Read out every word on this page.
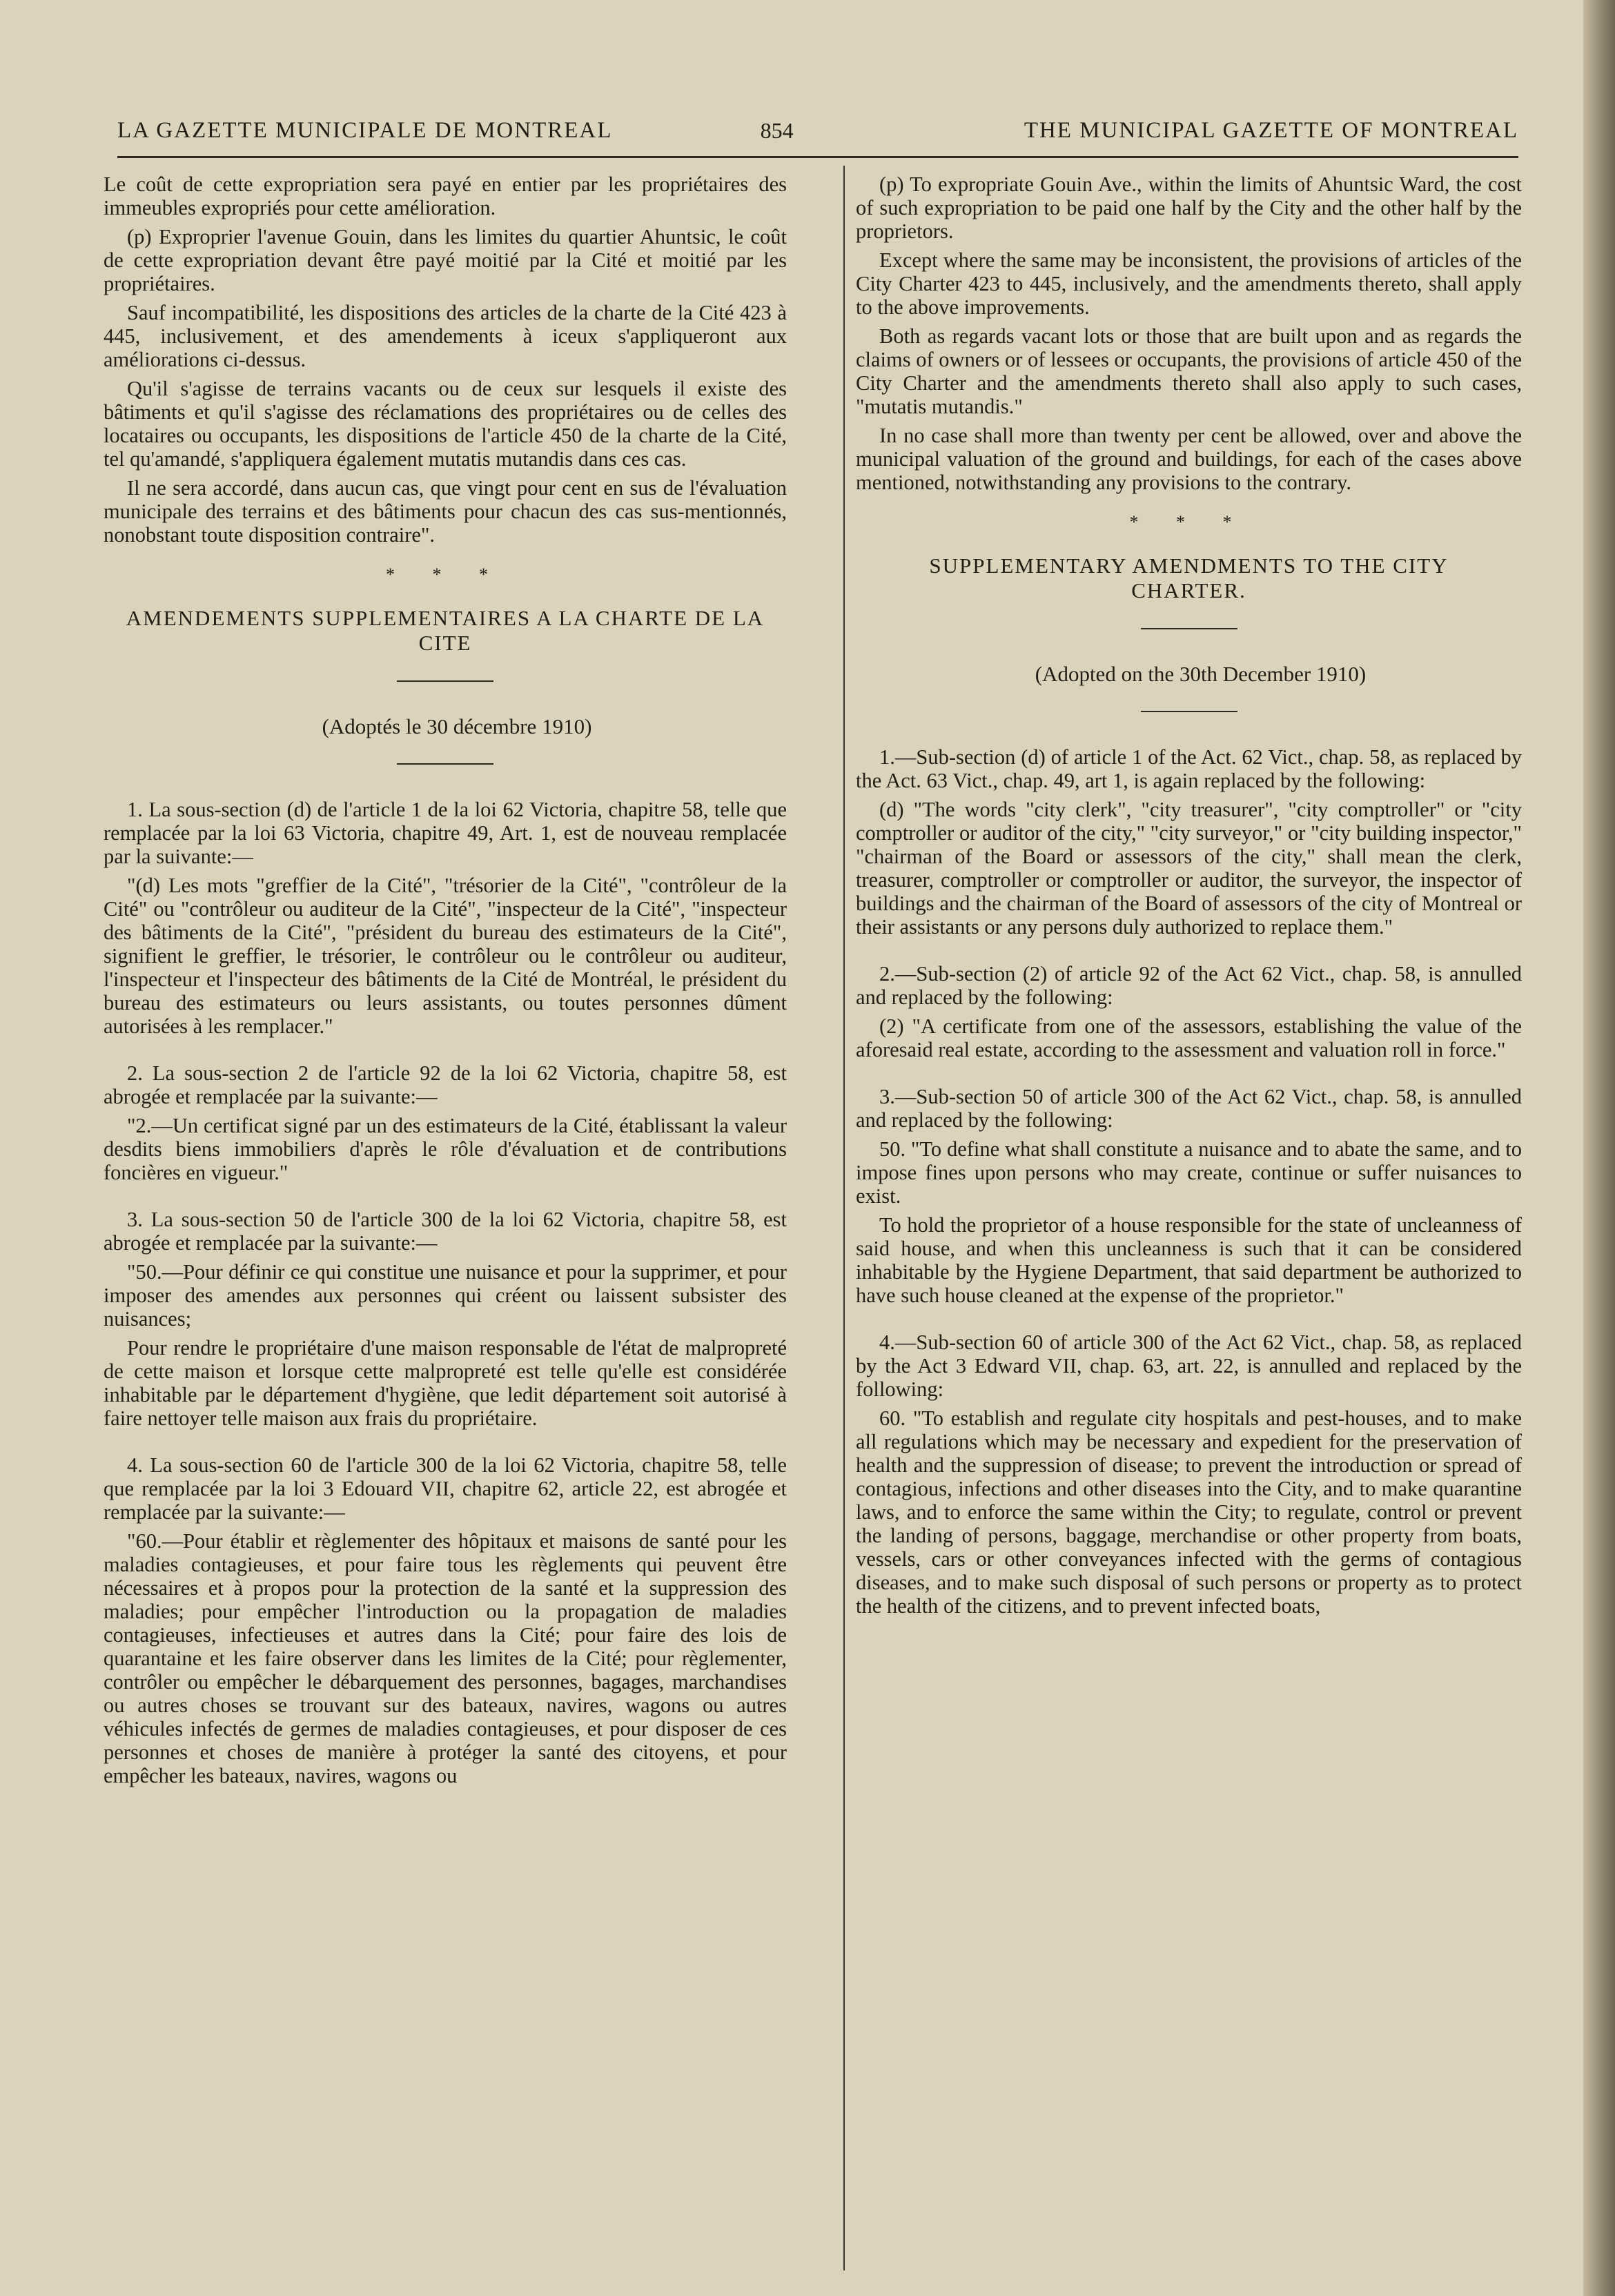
LA GAZETTE MUNICIPALE DE MONTREAL	854	THE MUNICIPAL GAZETTE OF MONTREAL

Le coût de cette expropriation sera payé en entier par les propriétaires des immeubles expropriés pour cette amélioration.

(p) Exproprier l'avenue Gouin, dans les limites du quartier Ahuntsic, le coût de cette expropriation devant être payé moitié par la Cité et moitié par les propriétaires.

Sauf incompatibilité, les dispositions des articles de la charte de la Cité 423 à 445, inclusivement, et des amendements à iceux s'appliqueront aux améliorations ci-dessus.

Qu'il s'agisse de terrains vacants ou de ceux sur lesquels il existe des bâtiments et qu'il s'agisse des réclamations des propriétaires ou de celles des locataires ou occupants, les dispositions de l'article 450 de la charte de la Cité, tel qu'amandé, s'appliquera également mutatis mutandis dans ces cas.

Il ne sera accordé, dans aucun cas, que vingt pour cent en sus de l'évaluation municipale des terrains et des bâtiments pour chacun des cas sus-mentionnés, nonobstant toute disposition contraire".

* * *
AMENDEMENTS SUPPLEMENTAIRES A LA CHARTE DE LA CITE

(Adoptés le 30 décembre 1910)

1. La sous-section (d) de l'article 1 de la loi 62 Victoria, chapitre 58, telle que remplacée par la loi 63 Victoria, chapitre 49, Art. 1, est de nouveau remplacée par la suivante:—

"(d) Les mots "greffier de la Cité", "trésorier de la Cité", "contrôleur de la Cité" ou "contrôleur ou auditeur de la Cité", "inspecteur de la Cité", "inspecteur des bâtiments de la Cité", "président du bureau des estimateurs de la Cité", signifient le greffier, le trésorier, le contrôleur ou le contrôleur ou auditeur, l'inspecteur et l'inspecteur des bâtiments de la Cité de Montréal, le président du bureau des estimateurs ou leurs assistants, ou toutes personnes dûment autorisées à les remplacer."

2. La sous-section 2 de l'article 92 de la loi 62 Victoria, chapitre 58, est abrogée et remplacée par la suivante:—

"2.—Un certificat signé par un des estimateurs de la Cité, établissant la valeur desdits biens immobiliers d'après le rôle d'évaluation et de contributions foncières en vigueur."

3. La sous-section 50 de l'article 300 de la loi 62 Victoria, chapitre 58, est abrogée et remplacée par la suivante:—

"50.—Pour définir ce qui constitue une nuisance et pour la supprimer, et pour imposer des amendes aux personnes qui créent ou laissent subsister des nuisances;

Pour rendre le propriétaire d'une maison responsable de l'état de malpropreté de cette maison et lorsque cette malpropreté est telle qu'elle est considérée inhabitable par le département d'hygiène, que ledit département soit autorisé à faire nettoyer telle maison aux frais du propriétaire.

4. La sous-section 60 de l'article 300 de la loi 62 Victoria, chapitre 58, telle que remplacée par la loi 3 Edouard VII, chapitre 62, article 22, est abrogée et remplacée par la suivante:—

"60.—Pour établir et règlementer des hôpitaux et maisons de santé pour les maladies contagieuses, et pour faire tous les règlements qui peuvent être nécessaires et à propos pour la protection de la santé et la suppression des maladies; pour empêcher l'introduction ou la propagation de maladies contagieuses, infectieuses et autres dans la Cité; pour faire des lois de quarantaine et les faire observer dans les limites de la Cité; pour règlementer, contrôler ou empêcher le débarquement des personnes, bagages, marchandises ou autres choses se trouvant sur des bateaux, navires, wagons ou autres véhicules infectés de germes de maladies contagieuses, et pour disposer de ces personnes et choses de manière à protéger la santé des citoyens, et pour empêcher les bateaux, navires, wagons ou

(p) To expropriate Gouin Ave., within the limits of Ahuntsic Ward, the cost of such expropriation to be paid one half by the City and the other half by the proprietors.

Except where the same may be inconsistent, the provisions of articles of the City Charter 423 to 445, inclusively, and the amendments thereto, shall apply to the above improvements.

Both as regards vacant lots or those that are built upon and as regards the claims of owners or of lessees or occupants, the provisions of article 450 of the City Charter and the amendments thereto shall also apply to such cases, "mutatis mutandis."

In no case shall more than twenty per cent be allowed, over and above the municipal valuation of the ground and buildings, for each of the cases above mentioned, notwithstanding any provisions to the contrary.

* * *
SUPPLEMENTARY AMENDMENTS TO THE CITY CHARTER.

(Adopted on the 30th December 1910)

1.—Sub-section (d) of article 1 of the Act. 62 Vict., chap. 58, as replaced by the Act. 63 Vict., chap. 49, art 1, is again replaced by the following:

(d) "The words "city clerk", "city treasurer", "city comptroller" or "city comptroller or auditor of the city," "city surveyor," or "city building inspector," "chairman of the Board or assessors of the city," shall mean the clerk, treasurer, comptroller or comptroller or auditor, the surveyor, the inspector of buildings and the chairman of the Board of assessors of the city of Montreal or their assistants or any persons duly authorized to replace them."

2.—Sub-section (2) of article 92 of the Act 62 Vict., chap. 58, is annulled and replaced by the following:

(2) "A certificate from one of the assessors, establishing the value of the aforesaid real estate, according to the assessment and valuation roll in force."

3.—Sub-section 50 of article 300 of the Act 62 Vict., chap. 58, is annulled and replaced by the following:

50. "To define what shall constitute a nuisance and to abate the same, and to impose fines upon persons who may create, continue or suffer nuisances to exist.

To hold the proprietor of a house responsible for the state of uncleanness of said house, and when this uncleanness is such that it can be considered inhabitable by the Hygiene Department, that said department be authorized to have such house cleaned at the expense of the proprietor."

4.—Sub-section 60 of article 300 of the Act 62 Vict., chap. 58, as replaced by the Act 3 Edward VII, chap. 63, art. 22, is annulled and replaced by the following:

60. "To establish and regulate city hospitals and pest-houses, and to make all regulations which may be necessary and expedient for the preservation of health and the suppression of disease; to prevent the introduction or spread of contagious, infections and other diseases into the City, and to make quarantine laws, and to enforce the same within the City; to regulate, control or prevent the landing of persons, baggage, merchandise or other property from boats, vessels, cars or other conveyances infected with the germs of contagious diseases, and to make such disposal of such persons or property as to protect the health of the citizens, and to prevent infected boats,
